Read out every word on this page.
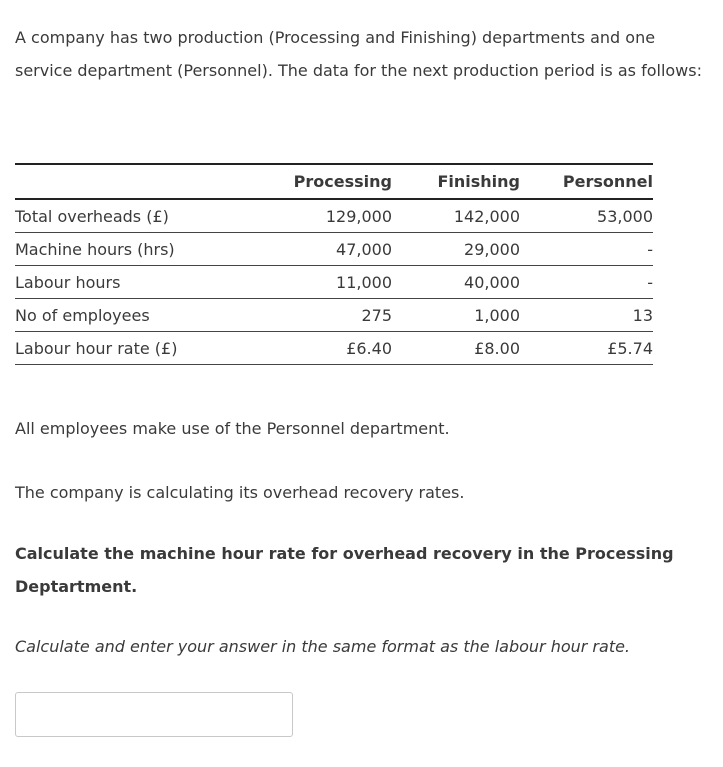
A company has two production (Processing and Finishing) departments and one service department (Personnel). The data for the next production period is as follows:

	Processing	Finishing	Personnel
Total overheads (£)	129,000	142,000	53,000
Machine hours (hrs)	47,000	29,000	-
Labour hours	11,000	40,000	-
No of employees	275	1,000	13
Labour hour rate (£)	£6.40	£8.00	£5.74

All employees make use of the Personnel department.

The company is calculating its overhead recovery rates.

Calculate the machine hour rate for overhead recovery in the Processing Deptartment.

Calculate and enter your answer in the same format as the labour hour rate.
